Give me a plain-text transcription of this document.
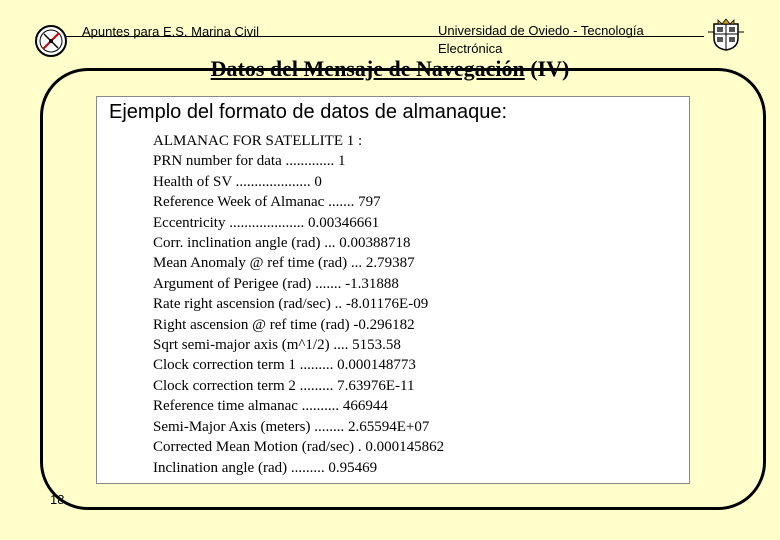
Apuntes para E.S. Marina Civil	Universidad de Oviedo - Tecnología Electrónica
Datos del Mensaje de Navegación (IV)
Ejemplo del formato de datos de almanaque:
ALMANAC FOR SATELLITE 1 :
PRN number for data ............. 1
Health of SV .................... 0
Reference Week of Almanac ....... 797
Eccentricity .................... 0.00346661
Corr. inclination angle (rad) ... 0.00388718
Mean Anomaly @ ref time (rad) ... 2.79387
Argument of Perigee (rad) ....... -1.31888
Rate right ascension (rad/sec) .. -8.01176E-09
Right ascension @ ref time (rad) -0.296182
Sqrt semi-major axis (m^1/2) .... 5153.58
Clock correction term 1 ......... 0.000148773
Clock correction term 2 ......... 7.63976E-11
Reference time almanac .......... 466944
Semi-Major Axis (meters) ........ 2.65594E+07
Corrected Mean Motion (rad/sec) . 0.000145862
Inclination angle (rad) ......... 0.95469
18
